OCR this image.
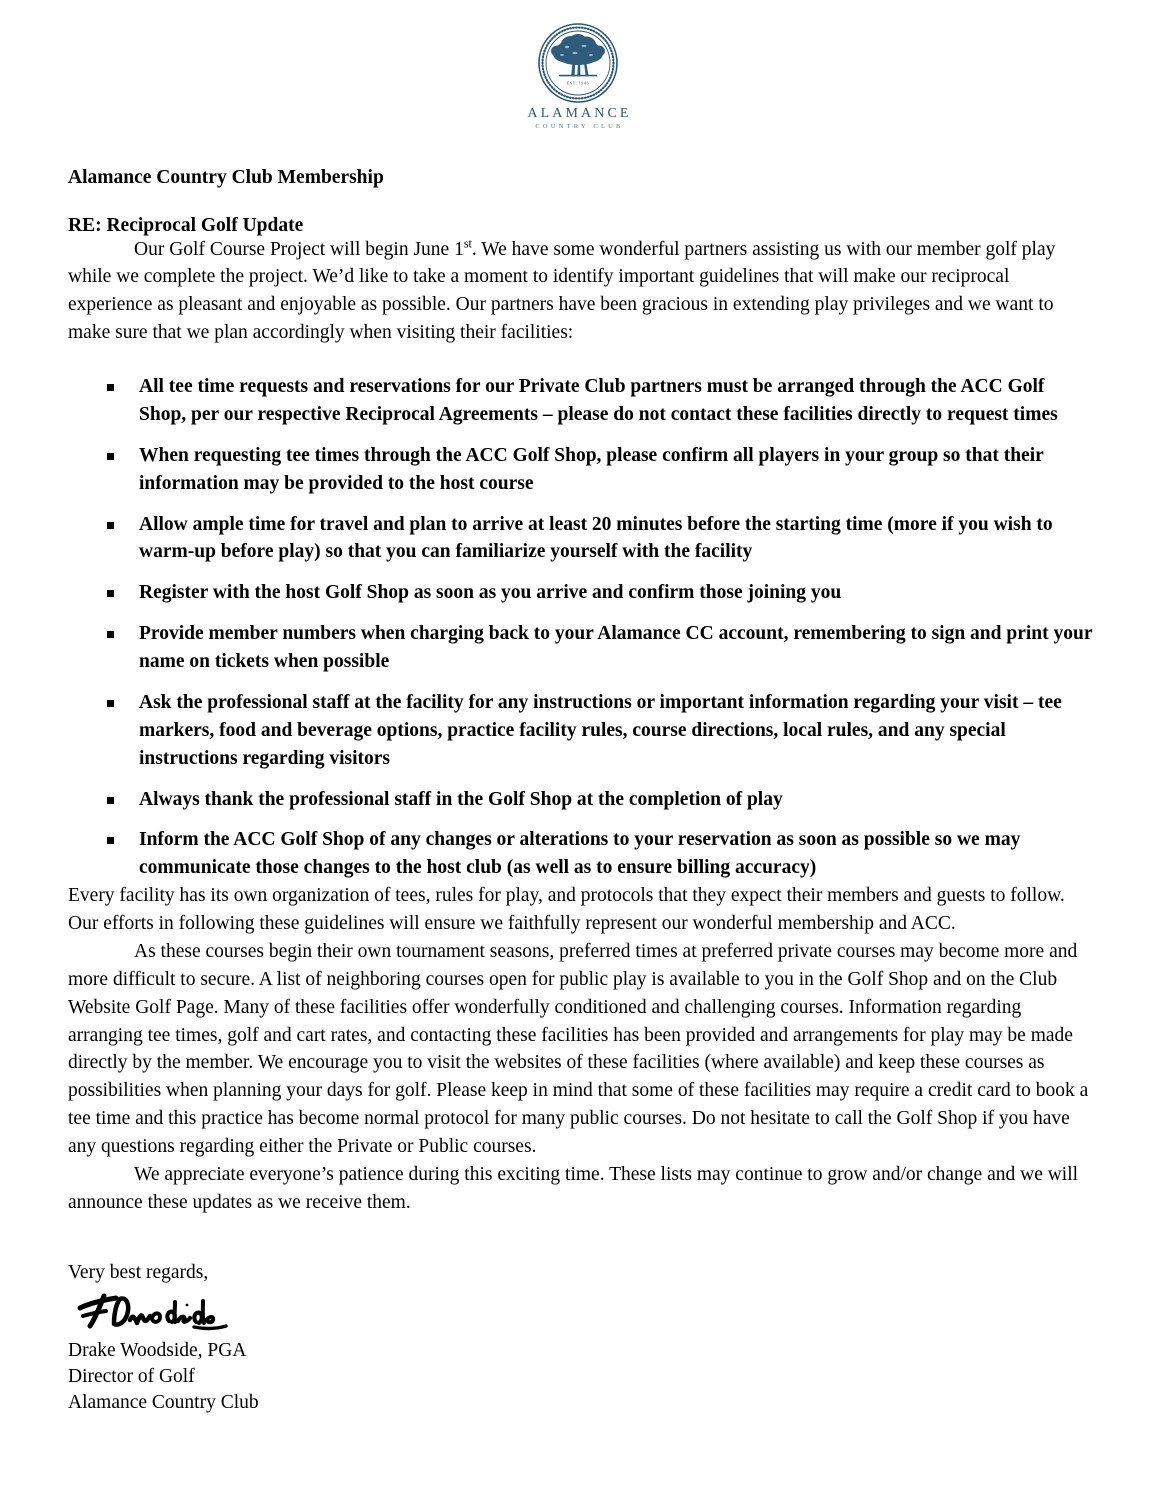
EST. 1946
ALAMANCE
COUNTRY CLUB

Alamance Country Club Membership

RE: Reciprocal Golf Update

Our Golf Course Project will begin June 1st. We have some wonderful partners assisting us with our member golf play while we complete the project. We’d like to take a moment to identify important guidelines that will make our reciprocal experience as pleasant and enjoyable as possible. Our partners have been gracious in extending play privileges and we want to make sure that we plan accordingly when visiting their facilities:

All tee time requests and reservations for our Private Club partners must be arranged through the ACC Golf Shop, per our respective Reciprocal Agreements – please do not contact these facilities directly to request times
When requesting tee times through the ACC Golf Shop, please confirm all players in your group so that their information may be provided to the host course
Allow ample time for travel and plan to arrive at least 20 minutes before the starting time (more if you wish to warm-up before play) so that you can familiarize yourself with the facility
Register with the host Golf Shop as soon as you arrive and confirm those joining you
Provide member numbers when charging back to your Alamance CC account, remembering to sign and print your name on tickets when possible
Ask the professional staff at the facility for any instructions or important information regarding your visit – tee markers, food and beverage options, practice facility rules, course directions, local rules, and any special instructions regarding visitors
Always thank the professional staff in the Golf Shop at the completion of play
Inform the ACC Golf Shop of any changes or alterations to your reservation as soon as possible so we may communicate those changes to the host club (as well as to ensure billing accuracy)

Every facility has its own organization of tees, rules for play, and protocols that they expect their members and guests to follow. Our efforts in following these guidelines will ensure we faithfully represent our wonderful membership and ACC.

As these courses begin their own tournament seasons, preferred times at preferred private courses may become more and more difficult to secure. A list of neighboring courses open for public play is available to you in the Golf Shop and on the Club Website Golf Page. Many of these facilities offer wonderfully conditioned and challenging courses. Information regarding arranging tee times, golf and cart rates, and contacting these facilities has been provided and arrangements for play may be made directly by the member. We encourage you to visit the websites of these facilities (where available) and keep these courses as possibilities when planning your days for golf. Please keep in mind that some of these facilities may require a credit card to book a tee time and this practice has become normal protocol for many public courses. Do not hesitate to call the Golf Shop if you have any questions regarding either the Private or Public courses.

We appreciate everyone’s patience during this exciting time. These lists may continue to grow and/or change and we will announce these updates as we receive them.

Very best regards,

Drake Woodside, PGA

Director of Golf

Alamance Country Club
